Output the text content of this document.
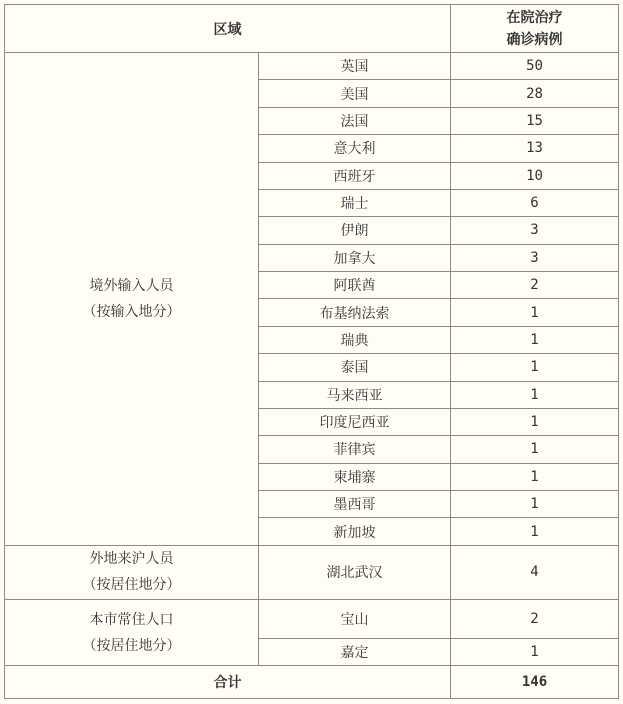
区域		在院治疗
确诊病例

境外输入人员
（按输入地分）	英国	50
	美国	28
	法国	15
	意大利	13
	西班牙	10
	瑞士	6
	伊朗	3
	加拿大	3
	阿联酋	2
	布基纳法索	1
	瑞典	1
	泰国	1
	马来西亚	1
	印度尼西亚	1
	菲律宾	1
	柬埔寨	1
	墨西哥	1
	新加坡	1

外地来沪人员
（按居住地分）	湖北武汉	4

本市常住人口
（按居住地分）	宝山	2
	嘉定	1
合计		146
